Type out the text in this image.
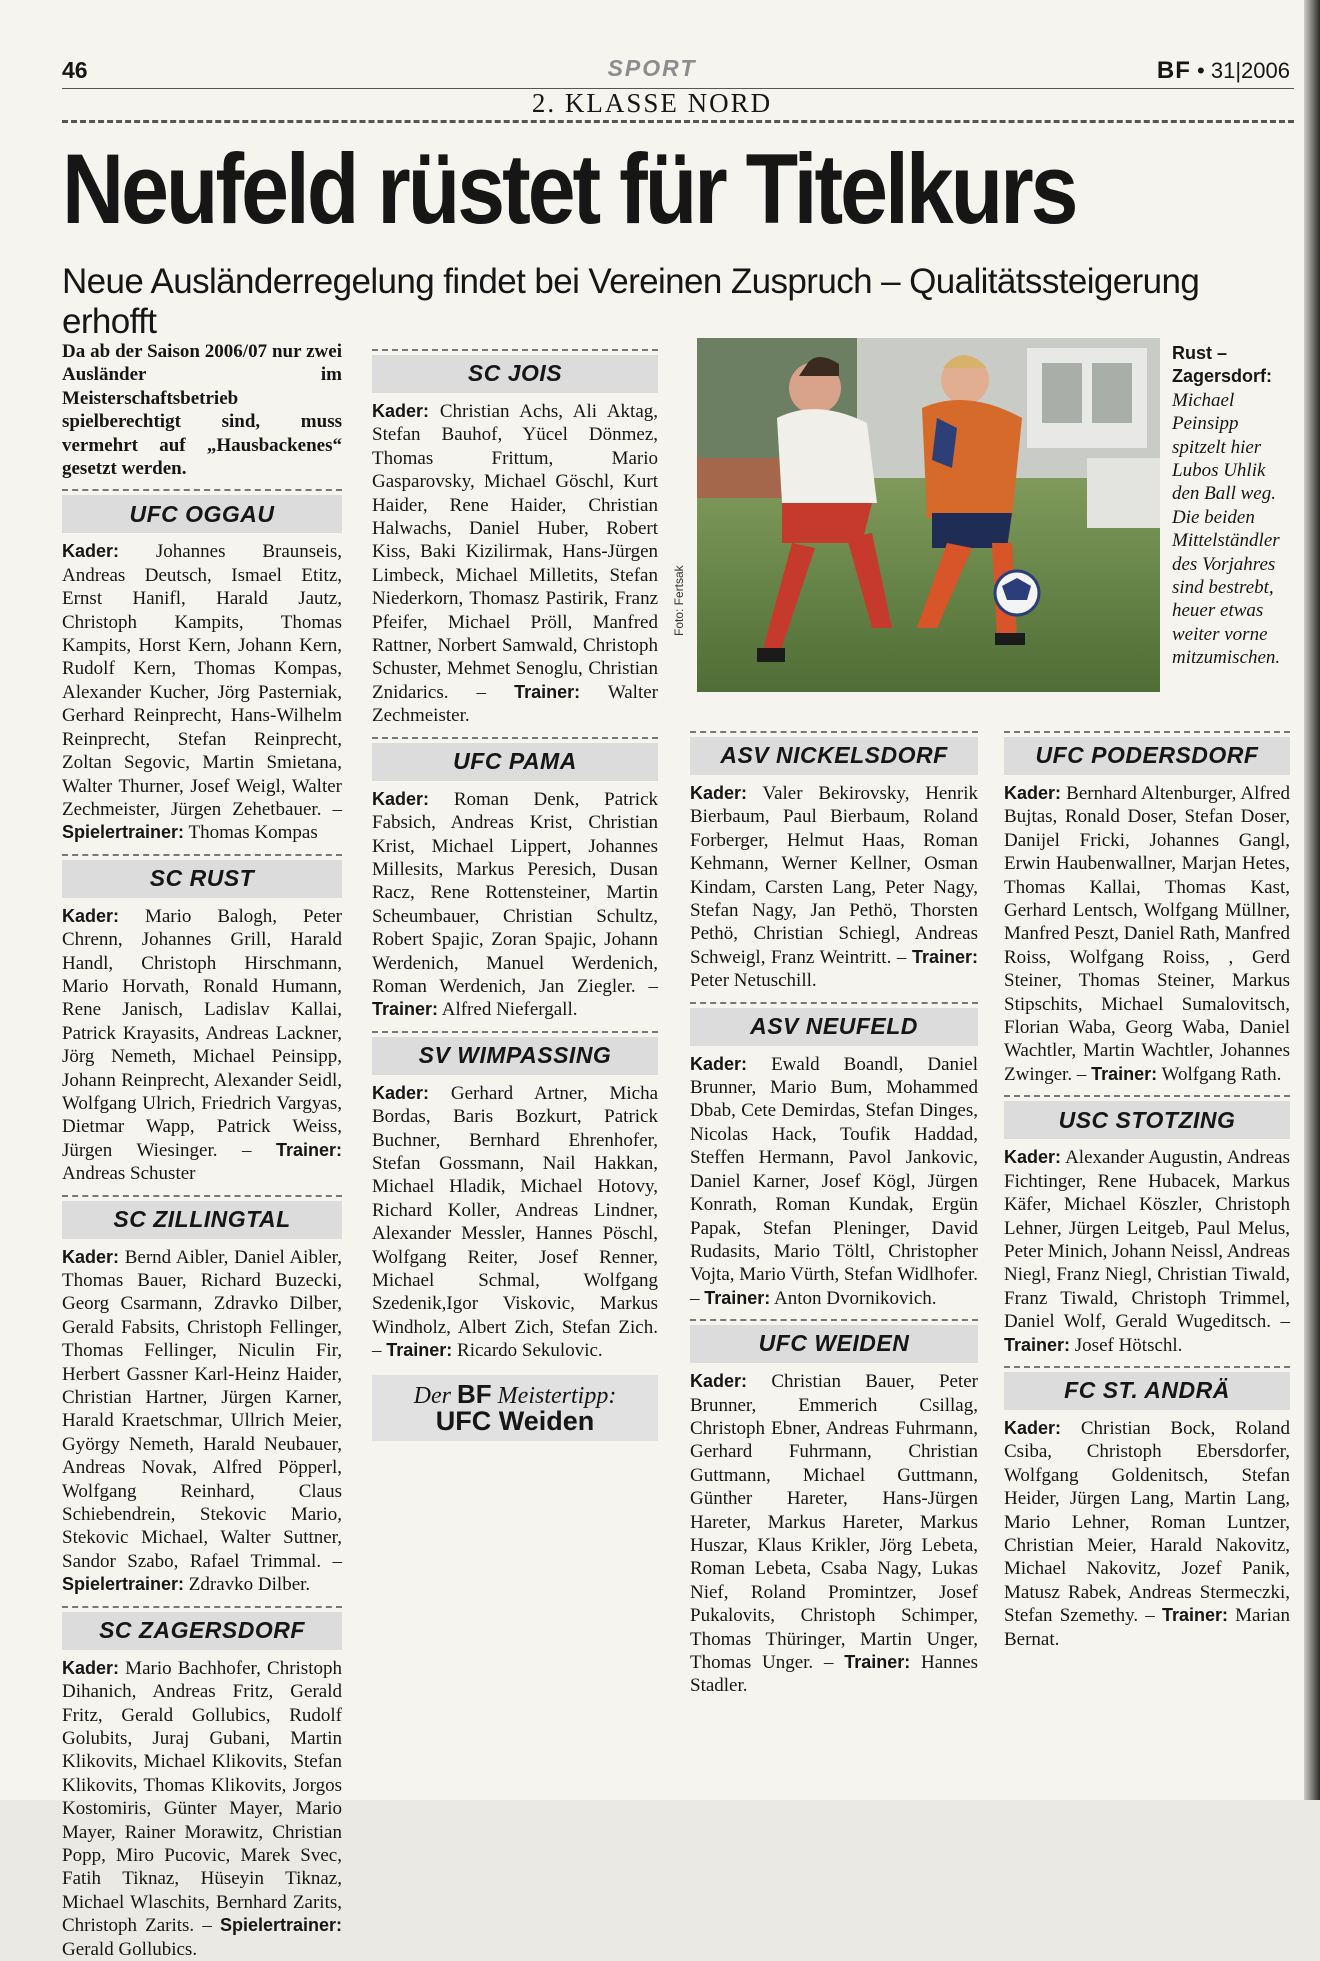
46	SPORT	BF • 31|2006
2. KLASSE NORD
Neufeld rüstet für Titelkurs
Neue Ausländerregelung findet bei Vereinen Zuspruch – Qualitätssteigerung erhofft

Da ab der Saison 2006/07 nur zwei Ausländer im Meisterschaftsbetrieb spielberechtigt sind, muss vermehrt auf „Hausbackenes“ gesetzt werden.

UFC OGGAU

Kader: Johannes Braunseis, Andreas Deutsch, Ismael Etitz, Ernst Hanifl, Harald Jautz, Christoph Kampits, Thomas Kampits, Horst Kern, Johann Kern, Rudolf Kern, Thomas Kompas, Alexander Kucher, Jörg Pasterniak, Gerhard Reinprecht, Hans-Wilhelm Reinprecht, Stefan Reinprecht, Zoltan Segovic, Martin Smietana, Walter Thurner, Josef Weigl, Walter Zechmeister, Jürgen Zehetbauer. – Spielertrainer: Thomas Kompas

SC RUST

Kader: Mario Balogh, Peter Chrenn, Johannes Grill, Harald Handl, Christoph Hirschmann, Mario Horvath, Ronald Humann, Rene Janisch, Ladislav Kallai, Patrick Krayasits, Andreas Lackner, Jörg Nemeth, Michael Peinsipp, Johann Reinprecht, Alexander Seidl, Wolfgang Ulrich, Friedrich Vargyas, Dietmar Wapp, Patrick Weiss, Jürgen Wiesinger. – Trainer: Andreas Schuster

SC ZILLINGTAL

Kader: Bernd Aibler, Daniel Aibler, Thomas Bauer, Richard Buzecki, Georg Csarmann, Zdravko Dilber, Gerald Fabsits, Christoph Fellinger, Thomas Fellinger, Niculin Fir, Herbert Gassner Karl-Heinz Haider, Christian Hartner, Jürgen Karner, Harald Kraetschmar, Ullrich Meier, György Nemeth, Harald Neubauer, Andreas Novak, Alfred Pöpperl, Wolfgang Reinhard, Claus Schiebendrein, Stekovic Mario, Stekovic Michael, Walter Suttner, Sandor Szabo, Rafael Trimmal. – Spielertrainer: Zdravko Dilber.

SC ZAGERSDORF

Kader: Mario Bachhofer, Christoph Dihanich, Andreas Fritz, Gerald Fritz, Gerald Gollubics, Rudolf Golubits, Juraj Gubani, Martin Klikovits, Michael Klikovits, Stefan Klikovits, Thomas Klikovits, Jorgos Kostomiris, Günter Mayer, Mario Mayer, Rainer Morawitz, Christian Popp, Miro Pucovic, Marek Svec, Fatih Tiknaz, Hüseyin Tiknaz, Michael Wlaschits, Bernhard Zarits, Christoph Zarits. – Spielertrainer: Gerald Gollubics.

SC JOIS

Kader: Christian Achs, Ali Aktag, Stefan Bauhof, Yücel Dönmez, Thomas Frittum, Mario Gasparovsky, Michael Göschl, Kurt Haider, Rene Haider, Christian Halwachs, Daniel Huber, Robert Kiss, Baki Kizilirmak, Hans-Jürgen Limbeck, Michael Milletits, Stefan Niederkorn, Thomasz Pastirik, Franz Pfeifer, Michael Pröll, Manfred Rattner, Norbert Samwald, Christoph Schuster, Mehmet Senoglu, Christian Znidarics. – Trainer: Walter Zechmeister.

UFC PAMA

Kader: Roman Denk, Patrick Fabsich, Andreas Krist, Christian Krist, Michael Lippert, Johannes Millesits, Markus Peresich, Dusan Racz, Rene Rottensteiner, Martin Scheumbauer, Christian Schultz, Robert Spajic, Zoran Spajic, Johann Werdenich, Manuel Werdenich, Roman Werdenich, Jan Ziegler. – Trainer: Alfred Niefergall.

SV WIMPASSING

Kader: Gerhard Artner, Micha Bordas, Baris Bozkurt, Patrick Buchner, Bernhard Ehrenhofer, Stefan Gossmann, Nail Hakkan, Michael Hladik, Michael Hotovy, Richard Koller, Andreas Lindner, Alexander Messler, Hannes Pöschl, Wolfgang Reiter, Josef Renner, Michael Schmal, Wolfgang Szedenik,Igor Viskovic, Markus Windholz, Albert Zich, Stefan Zich. – Trainer: Ricardo Sekulovic.

Der BF Meistertipp:
UFC Weiden
Foto: Fertsak
Rust – Zagersdorf:
Michael Peinsipp spitzelt hier Lubos Uhlik den Ball weg. Die beiden Mittelständler des Vorjahres sind bestrebt, heuer etwas weiter vorne mitzumischen.
ASV NICKELSDORF

Kader: Valer Bekirovsky, Henrik Bierbaum, Paul Bierbaum, Roland Forberger, Helmut Haas, Roman Kehmann, Werner Kellner, Osman Kindam, Carsten Lang, Peter Nagy, Stefan Nagy, Jan Pethö, Thorsten Pethö, Christian Schiegl, Andreas Schweigl, Franz Weintritt. – Trainer: Peter Netuschill.

ASV NEUFELD

Kader: Ewald Boandl, Daniel Brunner, Mario Bum, Mohammed Dbab, Cete Demirdas, Stefan Dinges, Nicolas Hack, Toufik Haddad, Steffen Hermann, Pavol Jankovic, Daniel Karner, Josef Kögl, Jürgen Konrath, Roman Kundak, Ergün Papak, Stefan Pleninger, David Rudasits, Mario Töltl, Christopher Vojta, Mario Vürth, Stefan Widlhofer. – Trainer: Anton Dvornikovich.

UFC WEIDEN

Kader: Christian Bauer, Peter Brunner, Emmerich Csillag, Christoph Ebner, Andreas Fuhrmann, Gerhard Fuhrmann, Christian Guttmann, Michael Guttmann, Günther Hareter, Hans-Jürgen Hareter, Markus Hareter, Markus Huszar, Klaus Krikler, Jörg Lebeta, Roman Lebeta, Csaba Nagy, Lukas Nief, Roland Promintzer, Josef Pukalovits, Christoph Schimper, Thomas Thüringer, Martin Unger, Thomas Unger. – Trainer: Hannes Stadler.

UFC PODERSDORF

Kader: Bernhard Altenburger, Alfred Bujtas, Ronald Doser, Stefan Doser, Danijel Fricki, Johannes Gangl, Erwin Haubenwallner, Marjan Hetes, Thomas Kallai, Thomas Kast, Gerhard Lentsch, Wolfgang Müllner, Manfred Peszt, Daniel Rath, Manfred Roiss, Wolfgang Roiss, , Gerd Steiner, Thomas Steiner, Markus Stipschits, Michael Sumalovitsch, Florian Waba, Georg Waba, Daniel Wachtler, Martin Wachtler, Johannes Zwinger. – Trainer: Wolfgang Rath.

USC STOTZING

Kader: Alexander Augustin, Andreas Fichtinger, Rene Hubacek, Markus Käfer, Michael Köszler, Christoph Lehner, Jürgen Leitgeb, Paul Melus, Peter Minich, Johann Neissl, Andreas Niegl, Franz Niegl, Christian Tiwald, Franz Tiwald, Christoph Trimmel, Daniel Wolf, Gerald Wugeditsch. – Trainer: Josef Hötschl.

FC ST. ANDRÄ

Kader: Christian Bock, Roland Csiba, Christoph Ebersdorfer, Wolfgang Goldenitsch, Stefan Heider, Jürgen Lang, Martin Lang, Mario Lehner, Roman Luntzer, Christian Meier, Harald Nakovitz, Michael Nakovitz, Jozef Panik, Matusz Rabek, Andreas Stermeczki, Stefan Szemethy. – Trainer: Marian Bernat.
